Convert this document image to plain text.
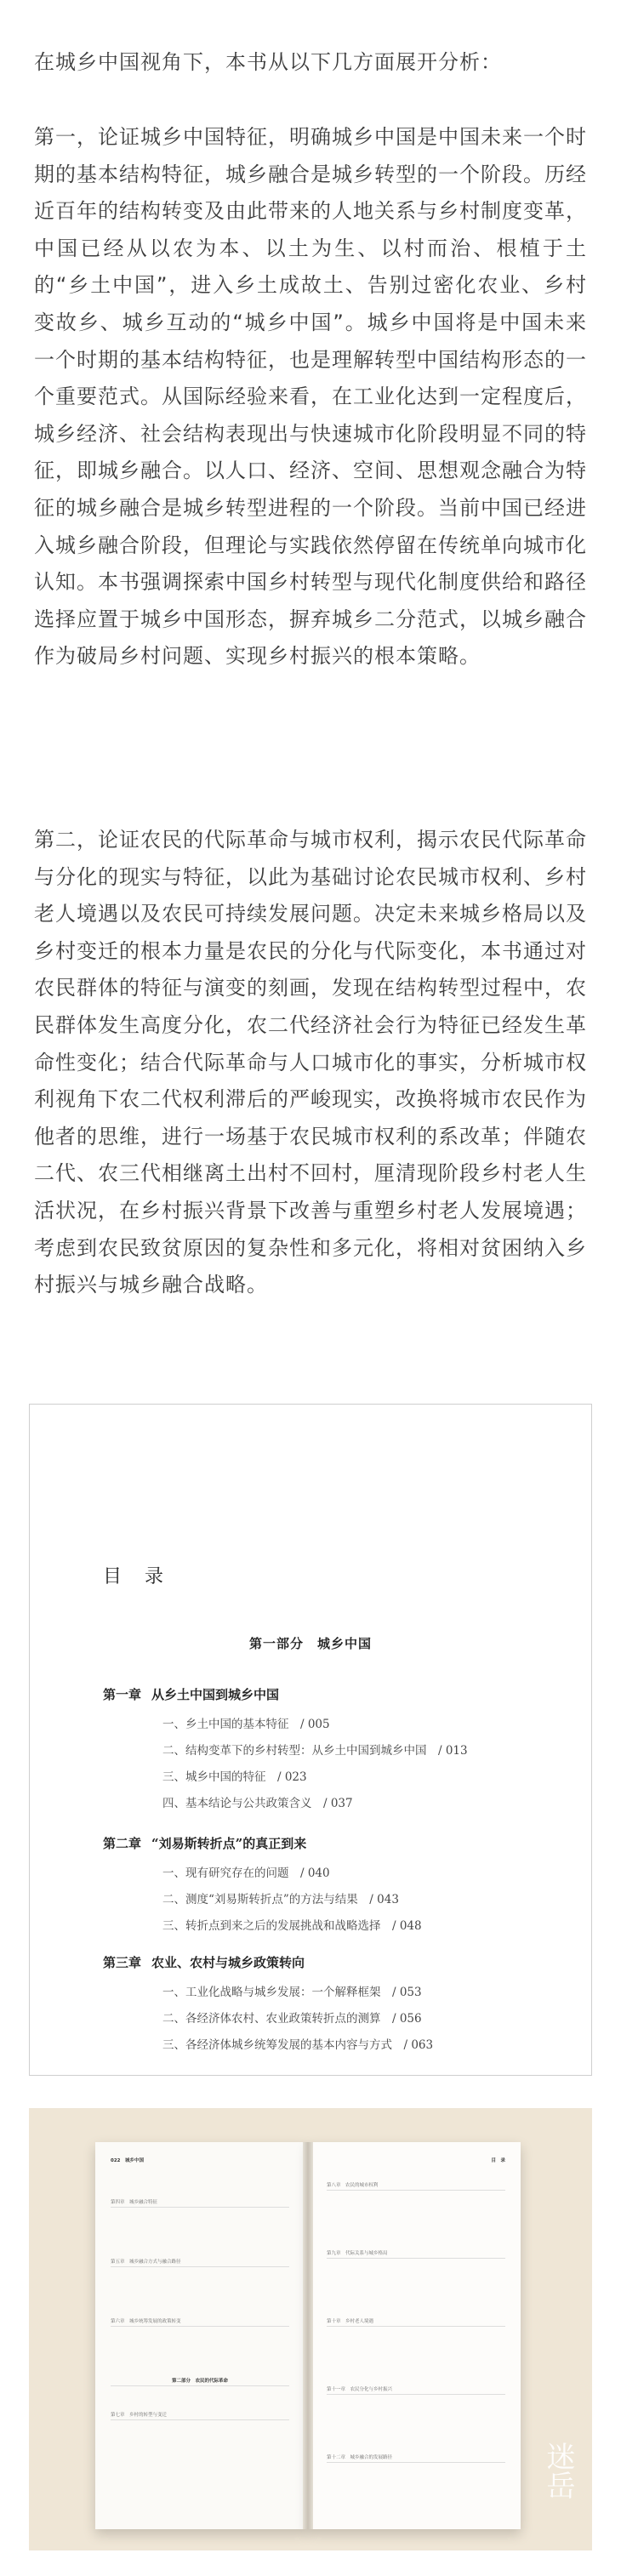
在城乡中国视角下，本书从以下几方面展开分析：
第一，论证城乡中国特征，明确城乡中国是中国未来一个时期的基本结构特征，城乡融合是城乡转型的一个阶段。历经近百年的结构转变及由此带来的人地关系与乡村制度变革，中国已经从以农为本、以土为生、以村而治、根植于土的“乡土中国”，进入乡土成故土、告别过密化农业、乡村变故乡、城乡互动的“城乡中国”。城乡中国将是中国未来一个时期的基本结构特征，也是理解转型中国结构形态的一个重要范式。从国际经验来看，在工业化达到一定程度后，城乡经济、社会结构表现出与快速城市化阶段明显不同的特征，即城乡融合。以人口、经济、空间、思想观念融合为特征的城乡融合是城乡转型进程的一个阶段。当前中国已经进入城乡融合阶段，但理论与实践依然停留在传统单向城市化认知。本书强调探索中国乡村转型与现代化制度供给和路径选择应置于城乡中国形态，摒弃城乡二分范式，以城乡融合作为破局乡村问题、实现乡村振兴的根本策略。
第二，论证农民的代际革命与城市权利，揭示农民代际革命与分化的现实与特征，以此为基础讨论农民城市权利、乡村老人境遇以及农民可持续发展问题。决定未来城乡格局以及乡村变迁的根本力量是农民的分化与代际变化，本书通过对农民群体的特征与演变的刻画，发现在结构转型过程中，农民群体发生高度分化，农二代经济社会行为特征已经发生革命性变化；结合代际革命与人口城市化的事实，分析城市权利视角下农二代权利滞后的严峻现实，改换将城市农民作为他者的思维，进行一场基于农民城市权利的系改革；伴随农二代、农三代相继离土出村不回村，厘清现阶段乡村老人生活状况，在乡村振兴背景下改善与重塑乡村老人发展境遇；考虑到农民致贫原因的复杂性和多元化，将相对贫困纳入乡村振兴与城乡融合战略。
目 录
第一部分　城乡中国
第一章 从乡土中国到城乡中国
一、乡土中国的基本特征　/ 005
二、结构变革下的乡村转型：从乡土中国到城乡中国　/ 013
三、城乡中国的特征　/ 023
四、基本结论与公共政策含义　/ 037
第二章 “刘易斯转折点”的真正到来
一、现有研究存在的问题　/ 040
二、测度“刘易斯转折点”的方法与结果　/ 043
三、转折点到来之后的发展挑战和战略选择　/ 048
第三章 农业、农村与城乡政策转向
一、工业化战略与城乡发展：一个解释框架　/ 053
二、各经济体农村、农业政策转折点的测算　/ 056
三、各经济体城乡统筹发展的基本内容与方式　/ 063
022　城乡中国
第四章　城乡融合特征
第五章　城乡融合方式与融合路径
第六章　城乡统筹发展的政策转变
第二部分　农民的代际革命
第七章　乡村的转型与变迁
目　录
第八章　农民的城市权利
第九章　代际关系与城乡格局
第十章　乡村老人境遇
第十一章　农民分化与乡村振兴
第十二章　城乡融合的发展路径	迷岳
